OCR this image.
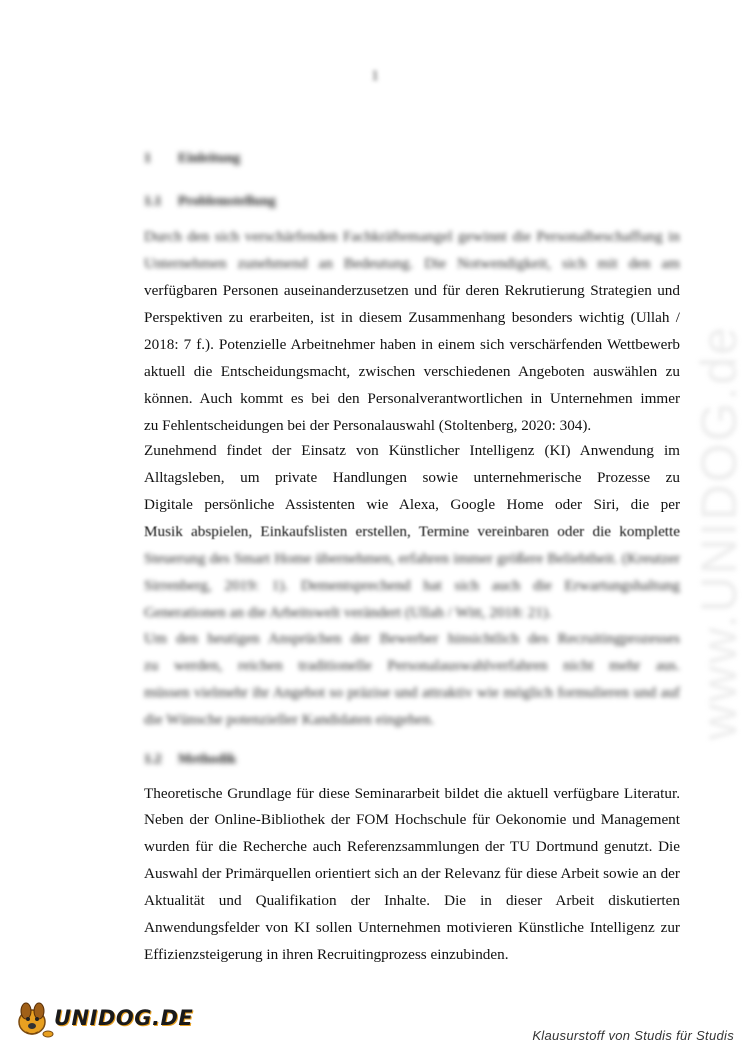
1
1 Einleitung
1.1 Problemstellung
Durch den sich verschärfenden Fachkräftemangel gewinnt die Personalbeschaffung in
Unternehmen zunehmend an Bedeutung. Die Notwendigkeit, sich mit den am
verfügbaren Personen auseinanderzusetzen und für deren Rekrutierung Strategien und
Perspektiven zu erarbeiten, ist in diesem Zusammenhang besonders wichtig (Ullah /
2018: 7 f.). Potenzielle Arbeitnehmer haben in einem sich verschärfenden Wettbewerb
aktuell die Entscheidungsmacht, zwischen verschiedenen Angeboten auswählen zu
können. Auch kommt es bei den Personalverantwortlichen in Unternehmen immer
zu Fehlentscheidungen bei der Personalauswahl (Stoltenberg, 2020: 304).
Zunehmend findet der Einsatz von Künstlicher Intelligenz (KI) Anwendung im
Alltagsleben, um private Handlungen sowie unternehmerische Prozesse zu
Digitale persönliche Assistenten wie Alexa, Google Home oder Siri, die per
Musik abspielen, Einkaufslisten erstellen, Termine vereinbaren oder die komplette
Steuerung des Smart Home übernehmen, erfahren immer größere Beliebtheit. (Kreutzer
Sirrenberg, 2019: 1). Dementsprechend hat sich auch die Erwartungshaltung
Generationen an die Arbeitswelt verändert (Ullah / Witt, 2018: 21).
Um den heutigen Ansprüchen der Bewerber hinsichtlich des Recruitingprozesses
zu werden, reichen traditionelle Personalauswahlverfahren nicht mehr aus.
müssen vielmehr ihr Angebot so präzise und attraktiv wie möglich formulieren und auf
die Wünsche potenzieller Kandidaten eingehen.
1.2 Methodik
Theoretische Grundlage für diese Seminararbeit bildet die aktuell verfügbare Literatur.
Neben der Online-Bibliothek der FOM Hochschule für Oekonomie und Management
wurden für die Recherche auch Referenzsammlungen der TU Dortmund genutzt. Die
Auswahl der Primärquellen orientiert sich an der Relevanz für diese Arbeit sowie an der
Aktualität und Qualifikation der Inhalte. Die in dieser Arbeit diskutierten
Anwendungsfelder von KI sollen Unternehmen motivieren Künstliche Intelligenz zur
Effizienzsteigerung in ihren Recruitingprozess einzubinden.
www.UNIDOG.de
UNIDOG.DE
Klausurstoff von Studis für Studis
